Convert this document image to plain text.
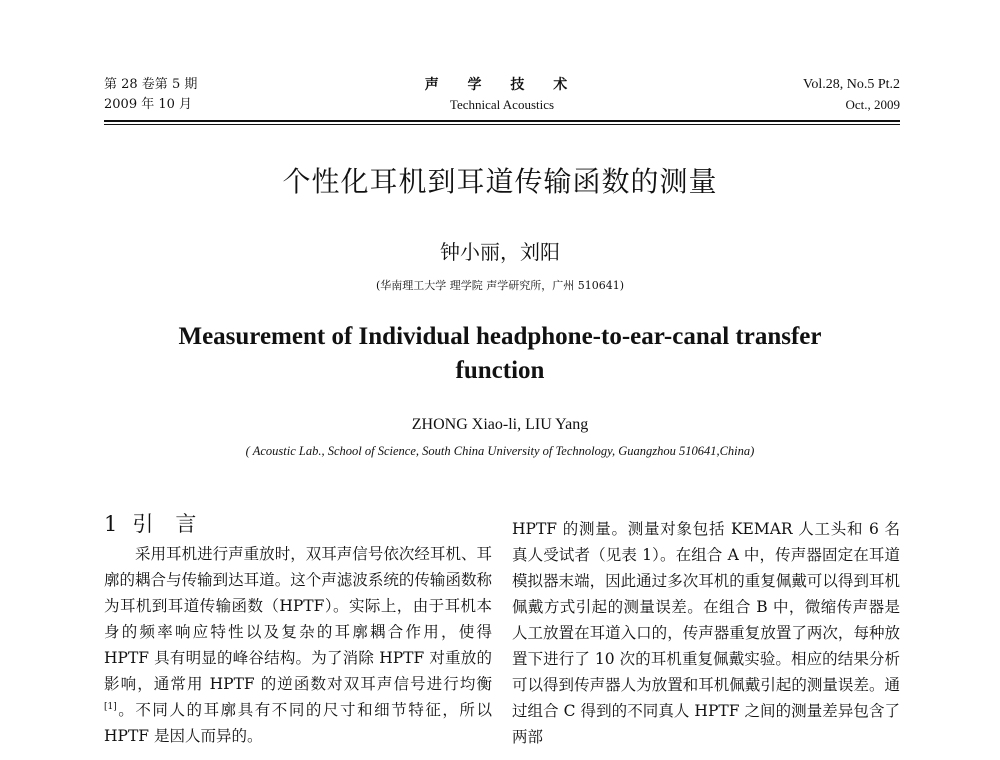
第 28 卷第 5 期	声 学 技 术	Vol.28, No.5 Pt.2
2009 年 10 月	Technical Acoustics	Oct., 2009
个性化耳机到耳道传输函数的测量
钟小丽，刘阳
(华南理工大学 理学院 声学研究所，广州 510641)
Measurement of Individual headphone-to-ear-canal transfer function
ZHONG Xiao-li, LIU Yang
( Acoustic Lab., School of Science, South China University of Technology, Guangzhou 510641,China)
1 引言

采用耳机进行声重放时，双耳声信号依次经耳机、耳廓的耦合与传输到达耳道。这个声滤波系统的传输函数称为耳机到耳道传输函数（HPTF）。实际上，由于耳机本身的频率响应特性以及复杂的耳廓耦合作用，使得 HPTF 具有明显的峰谷结构。为了消除 HPTF 对重放的影响，通常用 HPTF 的逆函数对双耳声信号进行均衡[1]。不同人的耳廓具有不同的尺寸和细节特征，所以 HPTF 是因人而异的。

HPTF 的测量。测量对象包括 KEMAR 人工头和 6 名真人受试者（见表 1）。在组合 A 中，传声器固定在耳道模拟器末端，因此通过多次耳机的重复佩戴可以得到耳机佩戴方式引起的测量误差。在组合 B 中，微缩传声器是人工放置在耳道入口的，传声器重复放置了两次，每种放置下进行了 10 次的耳机重复佩戴实验。相应的结果分析可以得到传声器人为放置和耳机佩戴引起的测量误差。通过组合 C 得到的不同真人 HPTF 之间的测量差异包含了两部
